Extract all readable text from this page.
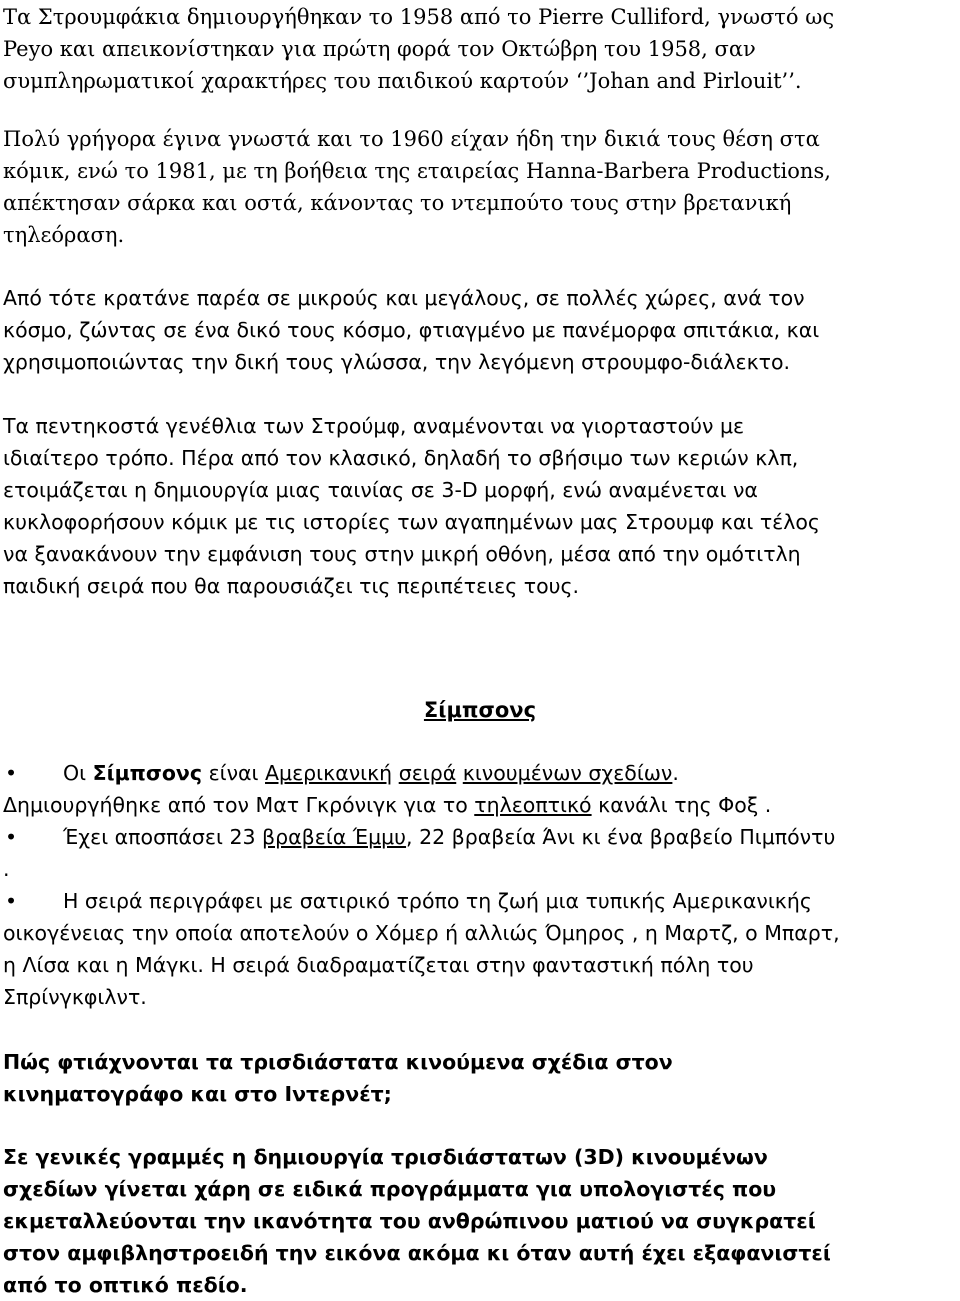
Τα Στρουμφάκια δημιουργήθηκαν το 1958 από το Pierre Culliford, γνωστό ως
Peyo και απεικονίστηκαν για πρώτη φορά τον Οκτώβρη του 1958, σαν
συμπληρωματικοί χαρακτήρες του παιδικού καρτούν ‘’Johan and Pirlouit’’.

Πολύ γρήγορα έγινα γνωστά και το 1960 είχαν ήδη την δικιά τους θέση στα
κόμικ, ενώ το 1981, με τη βοήθεια της εταιρείας Hanna-Barbera Productions,
απέκτησαν σάρκα και οστά, κάνοντας το ντεμπούτο τους στην βρετανική
τηλεόραση.

Από τότε κρατάνε παρέα σε μικρούς και μεγάλους, σε πολλές χώρες, ανά τον
κόσμο, ζώντας σε ένα δικό τους κόσμο, φτιαγμένο με πανέμορφα σπιτάκια, και
χρησιμοποιώντας την δική τους γλώσσα, την λεγόμενη στρουμφο-διάλεκτο.

Τα πεντηκοστά γενέθλια των Στρούμφ, αναμένονται να γιορταστούν με
ιδιαίτερο τρόπο. Πέρα από τον κλασικό, δηλαδή το σβήσιμο των κεριών κλπ,
ετοιμάζεται η δημιουργία μιας ταινίας σε 3-D μορφή, ενώ αναμένεται να
κυκλοφορήσουν κόμικ με τις ιστορίες των αγαπημένων μας Στρουμφ και τέλος
να ξανακάνουν την εμφάνιση τους στην μικρή οθόνη, μέσα από την ομότιτλη
παιδική σειρά που θα παρουσιάζει τις περιπέτειες τους.

Σίμπσονς
• Οι Σίμπσονς είναι Αμερικανική σειρά κινουμένων σχεδίων.
Δημιουργήθηκε από τον Ματ Γκρόνιγκ για το τηλεοπτικό κανάλι της Φοξ .
• Έχει αποσπάσει 23 βραβεία Έμμυ, 22 βραβεία Άνι κι ένα βραβείο Πιμπόντυ
.
• Η σειρά περιγράφει με σατιρικό τρόπο τη ζωή μια τυπικής Αμερικανικής
οικογένειας την οποία αποτελούν ο Χόμερ ή αλλιώς Όμηρος , η Μαρτζ, ο Μπαρτ,
η Λίσα και η Μάγκι. Η σειρά διαδραματίζεται στην φανταστική πόλη του
Σπρίνγκφιλντ.

Πώς φτιάχνονται τα τρισδιάστατα κινούμενα σχέδια στον
κινηματογράφο και στο Ιντερνέτ;

Σε γενικές γραμμές η δημιουργία τρισδιάστατων (3D) κινουμένων
σχεδίων γίνεται χάρη σε ειδικά προγράμματα για υπολογιστές που
εκμεταλλεύονται την ικανότητα του ανθρώπινου ματιού να συγκρατεί
στον αμφιβληστροειδή την εικόνα ακόμα κι όταν αυτή έχει εξαφανιστεί
από το οπτικό πεδίο.
